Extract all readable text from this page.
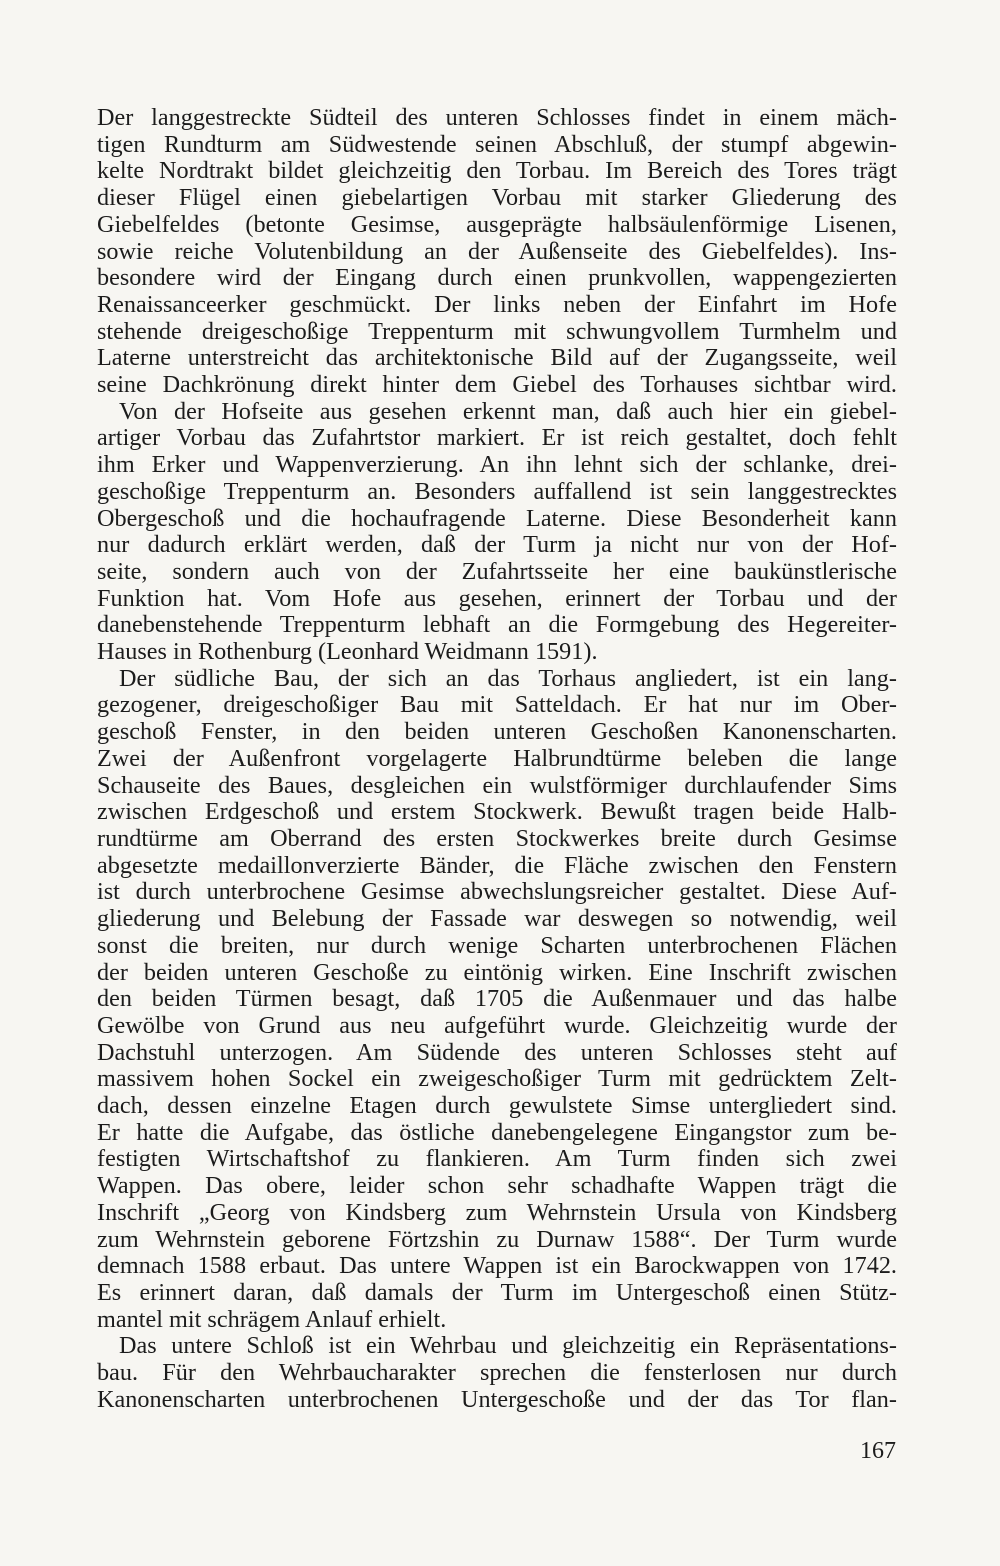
Der langgestreckte Südteil des unteren Schlosses findet in einem mäch-
tigen Rundturm am Südwestende seinen Abschluß, der stumpf abgewin-
kelte Nordtrakt bildet gleichzeitig den Torbau. Im Bereich des Tores trägt
dieser Flügel einen giebelartigen Vorbau mit starker Gliederung des
Giebelfeldes (betonte Gesimse, ausgeprägte halbsäulenförmige Lisenen,
sowie reiche Volutenbildung an der Außenseite des Giebelfeldes). Ins-
besondere wird der Eingang durch einen prunkvollen, wappengezierten
Renaissanceerker geschmückt. Der links neben der Einfahrt im Hofe
stehende dreigeschoßige Treppenturm mit schwungvollem Turmhelm und
Laterne unterstreicht das architektonische Bild auf der Zugangsseite, weil
seine Dachkrönung direkt hinter dem Giebel des Torhauses sichtbar wird.
Von der Hofseite aus gesehen erkennt man, daß auch hier ein giebel-
artiger Vorbau das Zufahrtstor markiert. Er ist reich gestaltet, doch fehlt
ihm Erker und Wappenverzierung. An ihn lehnt sich der schlanke, drei-
geschoßige Treppenturm an. Besonders auffallend ist sein langgestrecktes
Obergeschoß und die hochaufragende Laterne. Diese Besonderheit kann
nur dadurch erklärt werden, daß der Turm ja nicht nur von der Hof-
seite, sondern auch von der Zufahrtsseite her eine baukünstlerische
Funktion hat. Vom Hofe aus gesehen, erinnert der Torbau und der
danebenstehende Treppenturm lebhaft an die Formgebung des Hegereiter-
Hauses in Rothenburg (Leonhard Weidmann 1591).
Der südliche Bau, der sich an das Torhaus angliedert, ist ein lang-
gezogener, dreigeschoßiger Bau mit Satteldach. Er hat nur im Ober-
geschoß Fenster, in den beiden unteren Geschoßen Kanonenscharten.
Zwei der Außenfront vorgelagerte Halbrundtürme beleben die lange
Schauseite des Baues, desgleichen ein wulstförmiger durchlaufender Sims
zwischen Erdgeschoß und erstem Stockwerk. Bewußt tragen beide Halb-
rundtürme am Oberrand des ersten Stockwerkes breite durch Gesimse
abgesetzte medaillonverzierte Bänder, die Fläche zwischen den Fenstern
ist durch unterbrochene Gesimse abwechslungsreicher gestaltet. Diese Auf-
gliederung und Belebung der Fassade war deswegen so notwendig, weil
sonst die breiten, nur durch wenige Scharten unterbrochenen Flächen
der beiden unteren Geschoße zu eintönig wirken. Eine Inschrift zwischen
den beiden Türmen besagt, daß 1705 die Außenmauer und das halbe
Gewölbe von Grund aus neu aufgeführt wurde. Gleichzeitig wurde der
Dachstuhl unterzogen. Am Südende des unteren Schlosses steht auf
massivem hohen Sockel ein zweigeschoßiger Turm mit gedrücktem Zelt-
dach, dessen einzelne Etagen durch gewulstete Simse untergliedert sind.
Er hatte die Aufgabe, das östliche danebengelegene Eingangstor zum be-
festigten Wirtschaftshof zu flankieren. Am Turm finden sich zwei
Wappen. Das obere, leider schon sehr schadhafte Wappen trägt die
Inschrift „Georg von Kindsberg zum Wehrnstein Ursula von Kindsberg
zum Wehrnstein geborene Förtzshin zu Durnaw 1588“. Der Turm wurde
demnach 1588 erbaut. Das untere Wappen ist ein Barockwappen von 1742.
Es erinnert daran, daß damals der Turm im Untergeschoß einen Stütz-
mantel mit schrägem Anlauf erhielt.
Das untere Schloß ist ein Wehrbau und gleichzeitig ein Repräsentations-
bau. Für den Wehrbaucharakter sprechen die fensterlosen nur durch
Kanonenscharten unterbrochenen Untergeschoße und der das Tor flan-
167
